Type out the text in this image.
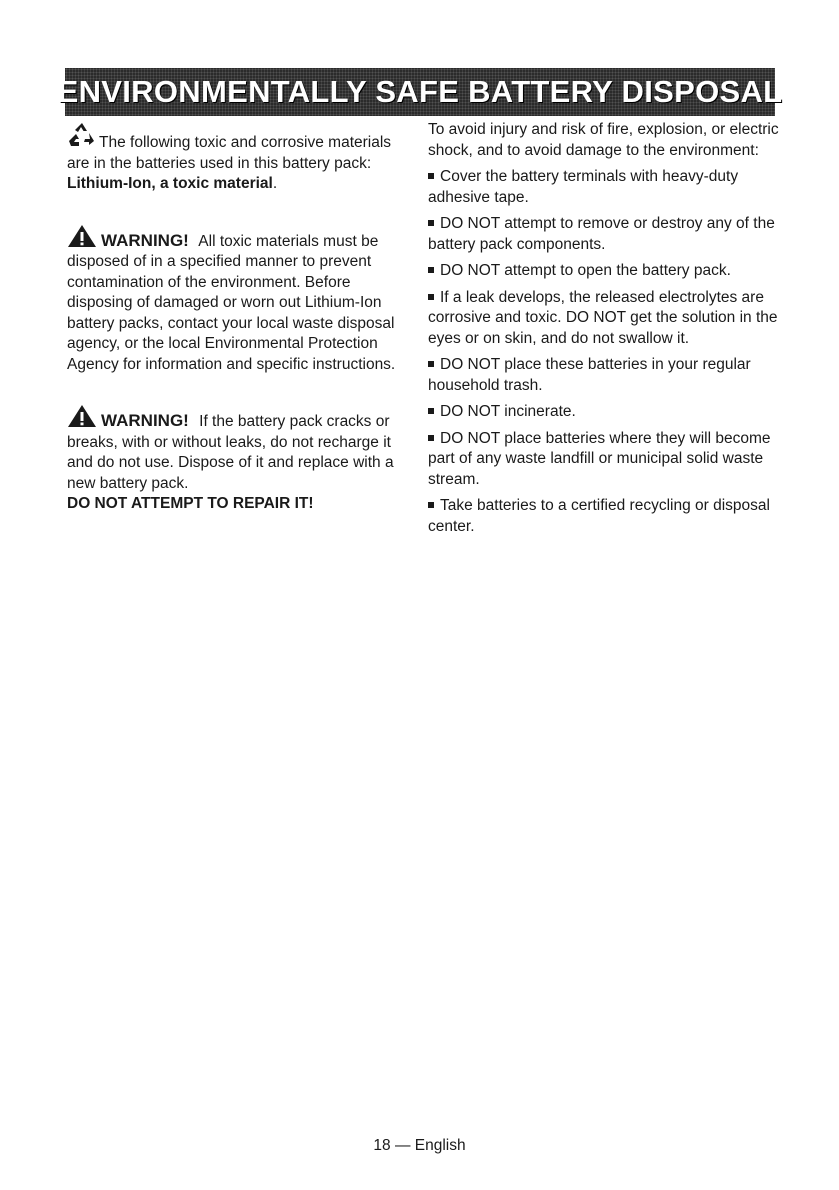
ENVIRONMENTALLY SAFE BATTERY DISPOSAL

The following toxic and corrosive materials are in the batteries used in this battery pack:
Lithium-Ion, a toxic material.

WARNING! All toxic materials must be disposed of in a specified manner to prevent contamination of the environment. Before disposing of damaged or worn out Lithium-Ion battery packs, contact your local waste disposal agency, or the local Environmental Protection Agency for information and specific instructions.

WARNING! If the battery pack cracks or breaks, with or without leaks, do not recharge it and do not use. Dispose of it and replace with a new battery pack.
DO NOT ATTEMPT TO REPAIR IT!

To avoid injury and risk of fire, explosion, or electric shock, and to avoid damage to the environment:

Cover the battery terminals with heavy-duty adhesive tape.

DO NOT attempt to remove or destroy any of the battery pack components.

DO NOT attempt to open the battery pack.

If a leak develops, the released electrolytes are corrosive and toxic. DO NOT get the solution in the eyes or on skin, and do not swallow it.

DO NOT place these batteries in your regular household trash.

DO NOT incinerate.

DO NOT place batteries where they will become part of any waste landfill or municipal solid waste stream.

Take batteries to a certified recycling or disposal center.

18 — English
